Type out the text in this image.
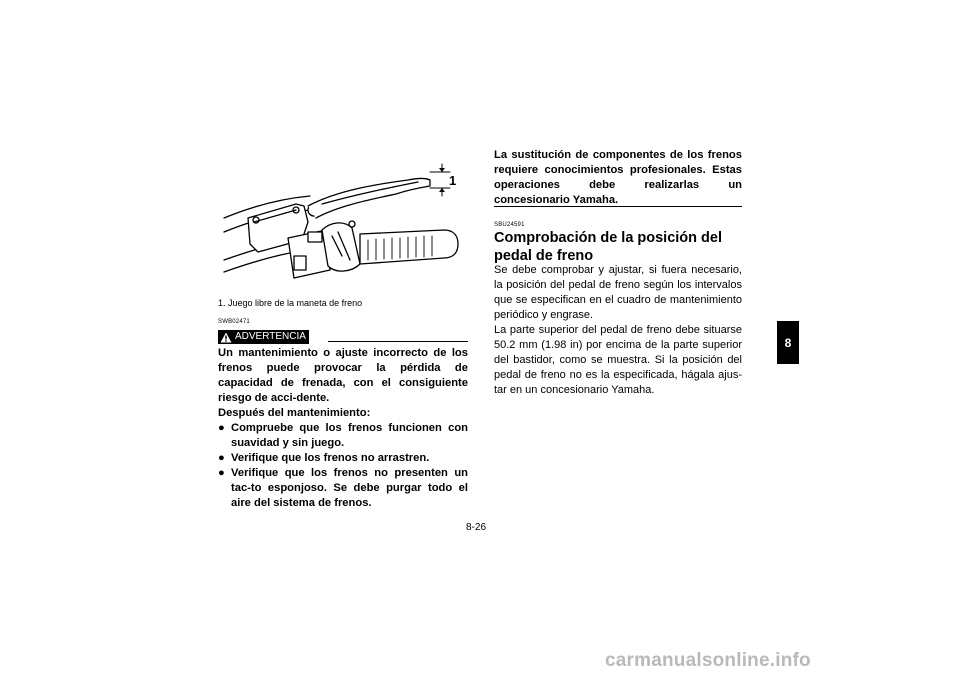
1
1. Juego libre de la maneta de freno
SWB02471
ADVERTENCIA

Un mantenimiento o ajuste incorrecto de los frenos puede provocar la pérdida de capacidad de frenada, con el consiguiente riesgo de acci-dente.

Después del mantenimiento:

● Compruebe que los frenos funcionen con suavidad y sin juego.
● Verifique que los frenos no arrastren.
● Verifique que los frenos no presenten un tac-to esponjoso. Se debe purgar todo el aire del sistema de frenos.

La sustitución de componentes de los frenos requiere conocimientos profesionales. Estas operaciones debe realizarlas un concesionario Yamaha.

SBU24591
Comprobación de la posición del pedal de freno

Se debe comprobar y ajustar, si fuera necesario, la posición del pedal de freno según los intervalos que se especifican en el cuadro de mantenimiento periódico y engrase.

La parte superior del pedal de freno debe situarse 50.2 mm (1.98 in) por encima de la parte superior del bastidor, como se muestra. Si la posición del pedal de freno no es la especificada, hágala ajus-tar en un concesionario Yamaha.

8
8-26
carmanualsonline.info
